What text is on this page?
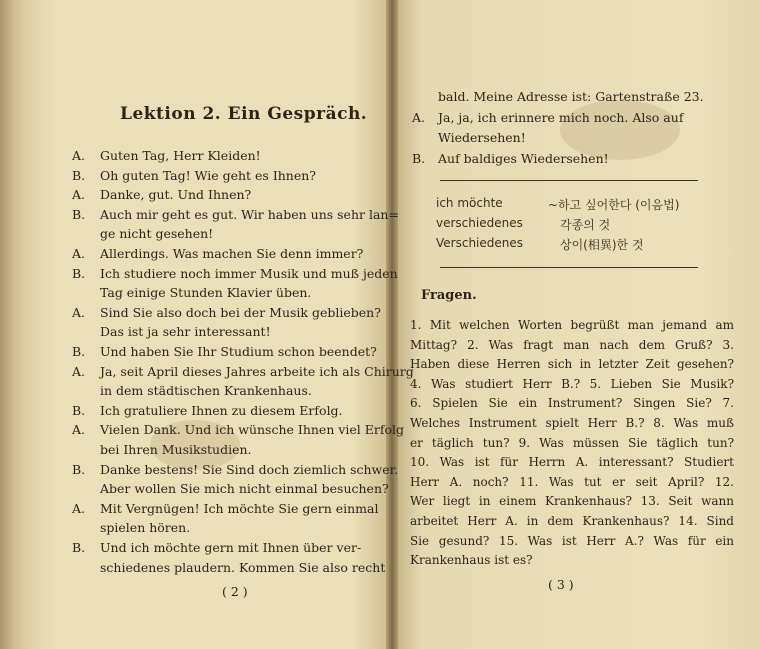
Lektion 2. Ein Gespräch.
A.	Guten Tag, Herr Kleiden!
B.	Oh guten Tag! Wie geht es Ihnen?
A.	Danke, gut. Und Ihnen?
B.	Auch mir geht es gut. Wir haben uns sehr lan=
ge nicht gesehen!
A.	Allerdings. Was machen Sie denn immer?
B.	Ich studiere noch immer Musik und muß jeden
Tag einige Stunden Klavier üben.
A.	Sind Sie also doch bei der Musik geblieben?
Das ist ja sehr interessant!
B.	Und haben Sie Ihr Studium schon beendet?
A.	Ja, seit April dieses Jahres arbeite ich als Chirurg
in dem städtischen Krankenhaus.
B.	Ich gratuliere Ihnen zu diesem Erfolg.
A.	Vielen Dank. Und ich wünsche Ihnen viel Erfolg
bei Ihren Musikstudien.
B.	Danke bestens! Sie Sind doch ziemlich schwer.
Aber wollen Sie mich nicht einmal besuchen?
A.	Mit Vergnügen! Ich möchte Sie gern einmal
spielen hören.
B.	Und ich möchte gern mit Ihnen über ver-
schiedenes plaudern. Kommen Sie also recht
( 2 )
bald. Meine Adresse ist: Gartenstraße 23.
A.	Ja, ja, ich erinnere mich noch. Also auf
Wiedersehen!
B.	Auf baldiges Wiedersehen!
ich möchte	~하고 싶어한다 (이음법)
verschiedenes	각종의 것
Verschiedenes	상이(相異)한 것
Fragen.
1. Mit welchen Worten begrüßt man jemand am
Mittag? 2. Was fragt man nach dem Gruß? 3.
Haben diese Herren sich in letzter Zeit gesehen?
4. Was studiert Herr B.? 5. Lieben Sie Musik?
6. Spielen Sie ein Instrument? Singen Sie? 7.
Welches Instrument spielt Herr B.? 8. Was muß
er täglich tun? 9. Was müssen Sie täglich tun?
10. Was ist für Herrn A. interessant? Studiert
Herr A. noch? 11. Was tut er seit April? 12.
Wer liegt in einem Krankenhaus? 13. Seit wann
arbeitet Herr A. in dem Krankenhaus? 14. Sind
Sie gesund? 15. Was ist Herr A.? Was für ein
Krankenhaus ist es?
( 3 )
